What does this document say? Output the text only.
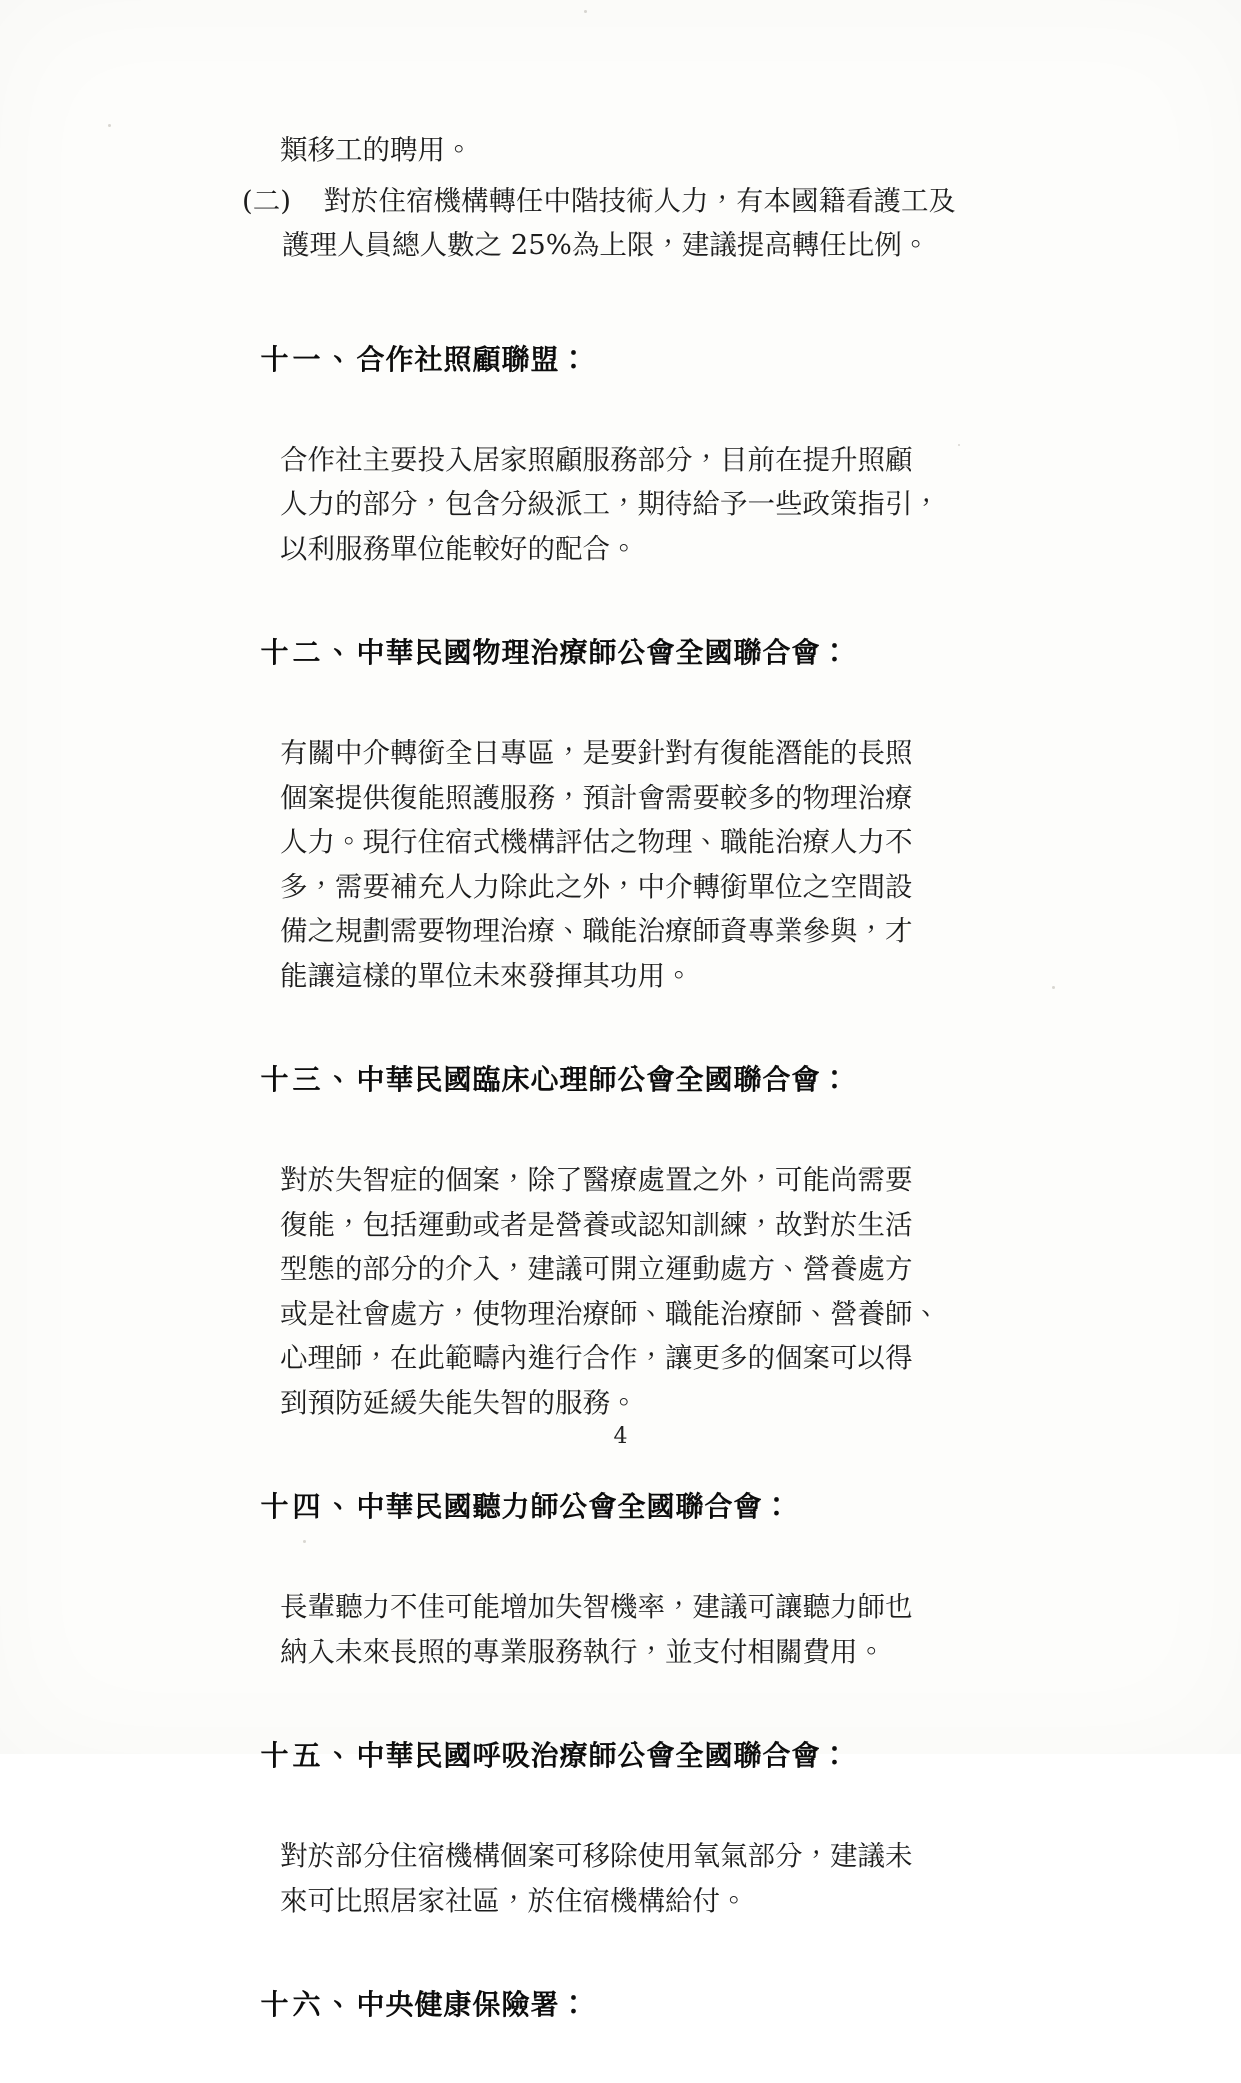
類移工的聘用。
(二) 對於住宿機構轉任中階技術人力，有本國籍看護工及
護理人員總人數之 25%為上限，建議提高轉任比例。

十一、合作社照顧聯盟：

合作社主要投入居家照顧服務部分，目前在提升照顧
人力的部分，包含分級派工，期待給予一些政策指引，
以利服務單位能較好的配合。

十二、中華民國物理治療師公會全國聯合會：

有關中介轉銜全日專區，是要針對有復能潛能的長照
個案提供復能照護服務，預計會需要較多的物理治療
人力。現行住宿式機構評估之物理、職能治療人力不
多，需要補充人力除此之外，中介轉銜單位之空間設
備之規劃需要物理治療、職能治療師資專業參與，才
能讓這樣的單位未來發揮其功用。

十三、中華民國臨床心理師公會全國聯合會：

對於失智症的個案，除了醫療處置之外，可能尚需要
復能，包括運動或者是營養或認知訓練，故對於生活
型態的部分的介入，建議可開立運動處方、營養處方
或是社會處方，使物理治療師、職能治療師、營養師、
心理師，在此範疇內進行合作，讓更多的個案可以得
到預防延緩失能失智的服務。

十四、中華民國聽力師公會全國聯合會：

長輩聽力不佳可能增加失智機率，建議可讓聽力師也
納入未來長照的專業服務執行，並支付相關費用。

十五、中華民國呼吸治療師公會全國聯合會：

對於部分住宿機構個案可移除使用氧氣部分，建議未
來可比照居家社區，於住宿機構給付。

十六、中央健康保險署：

4
